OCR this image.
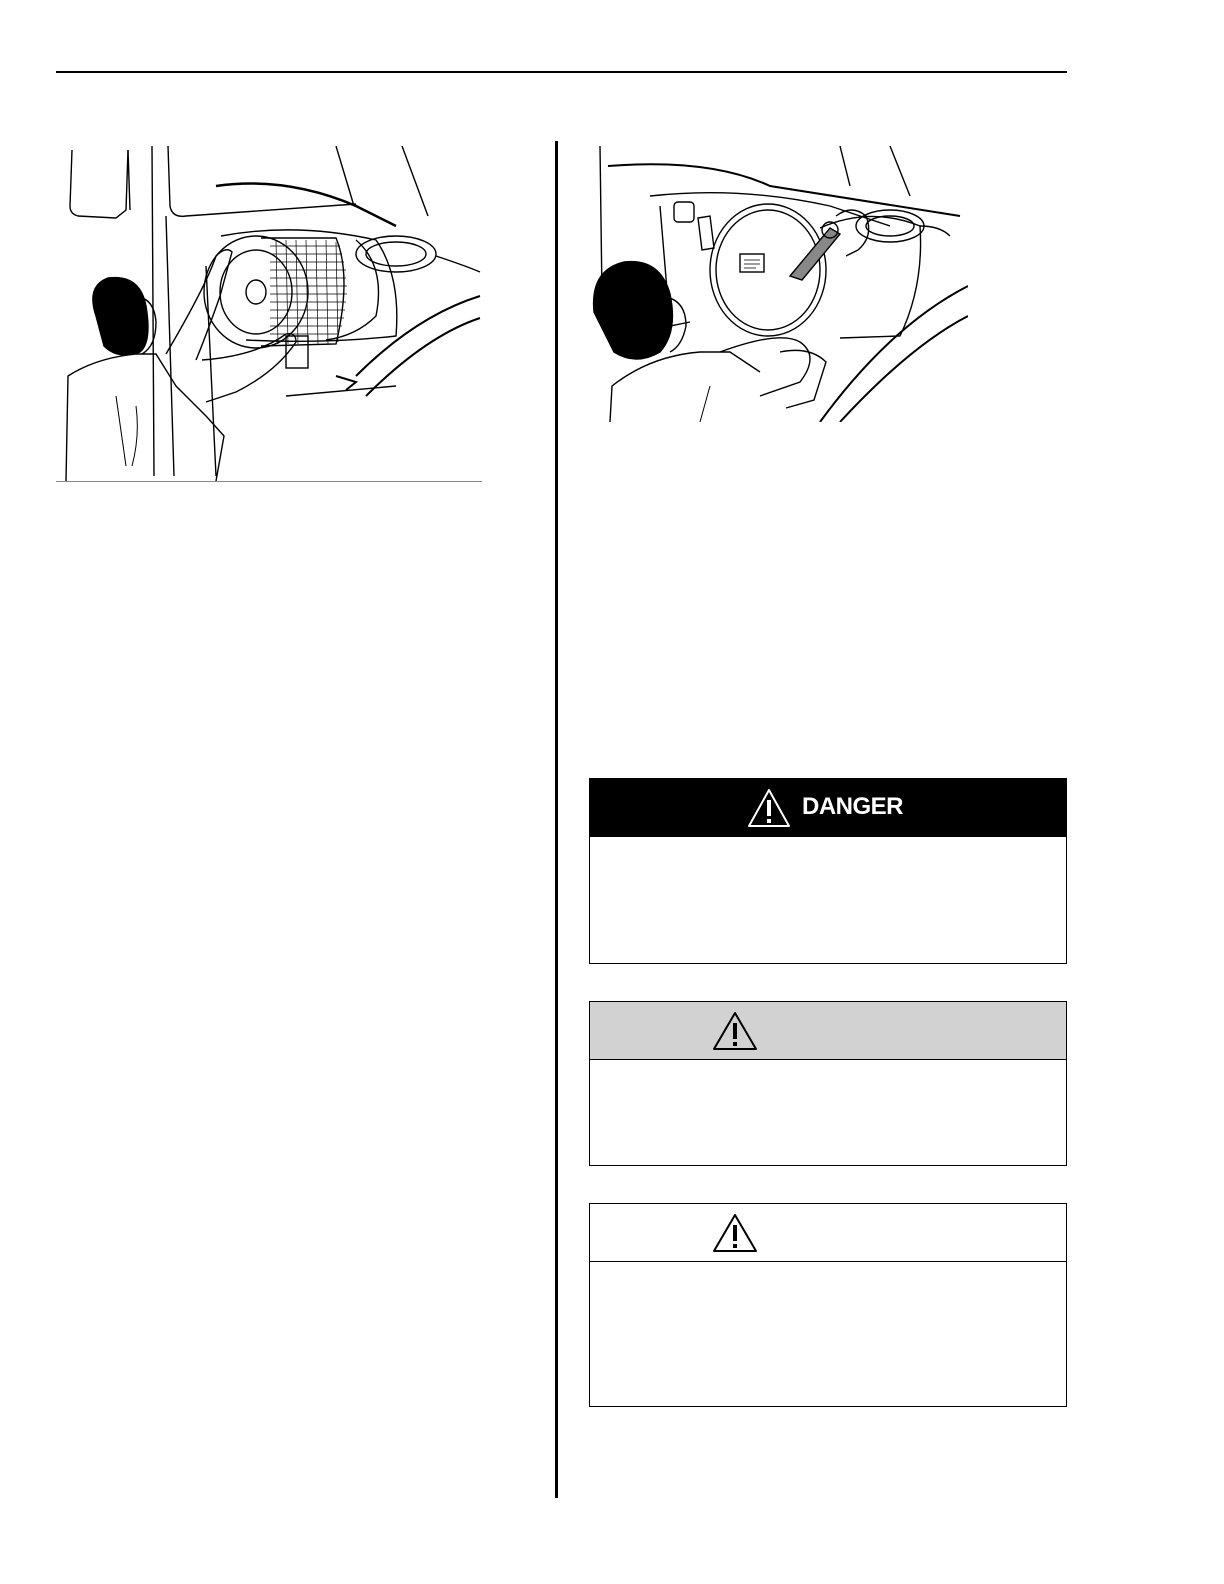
DANGER
